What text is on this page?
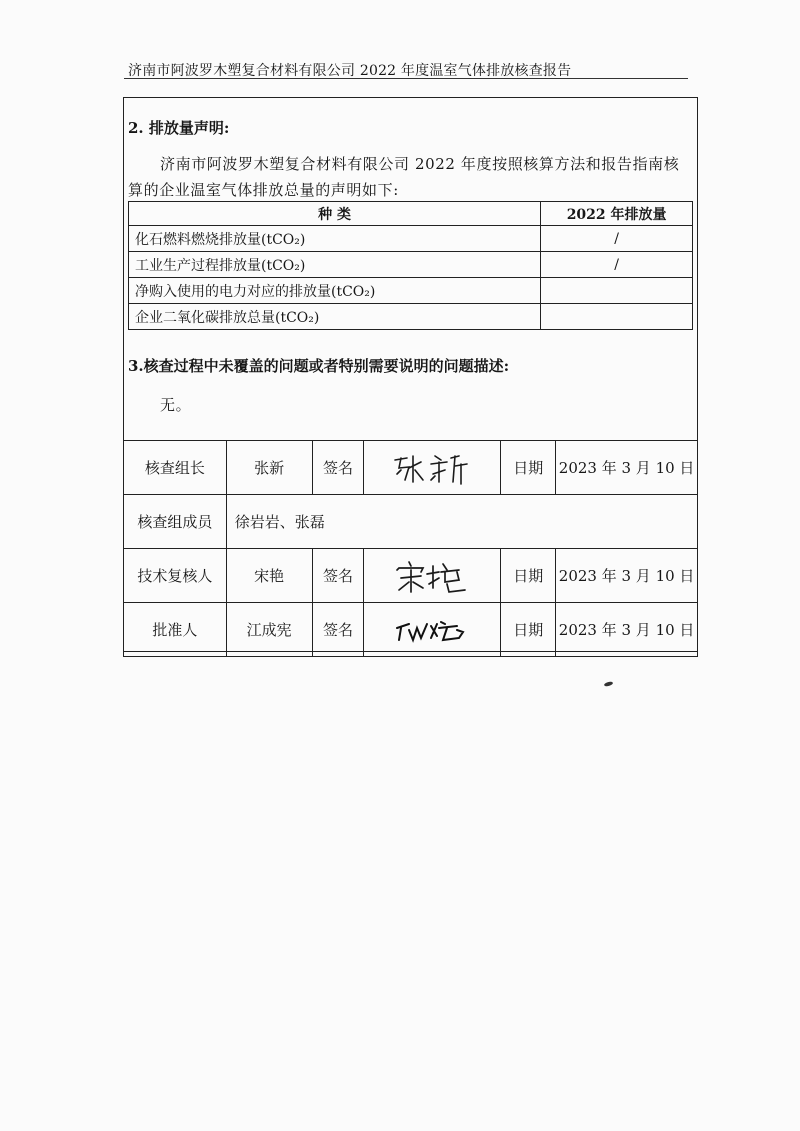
济南市阿波罗木塑复合材料有限公司 2022 年度温室气体排放核查报告
2. 排放量声明:
济南市阿波罗木塑复合材料有限公司 2022 年度按照核算方法和报告指南核
算的企业温室气体排放总量的声明如下:
种 类	2022 年排放量
化石燃料燃烧排放量(tCO₂)	/
工业生产过程排放量(tCO₂)	/
净购入使用的电力对应的排放量(tCO₂)	
企业二氧化碳排放总量(tCO₂)	
3.核查过程中未覆盖的问题或者特别需要说明的问题描述:
无。
核查组长	张新	签名		日期	2023 年 3 月 10 日
核查组成员	徐岩岩、张磊				
技术复核人	宋艳	签名		日期	2023 年 3 月 10 日
批准人	江成宪	签名		日期	2023 年 3 月 10 日
